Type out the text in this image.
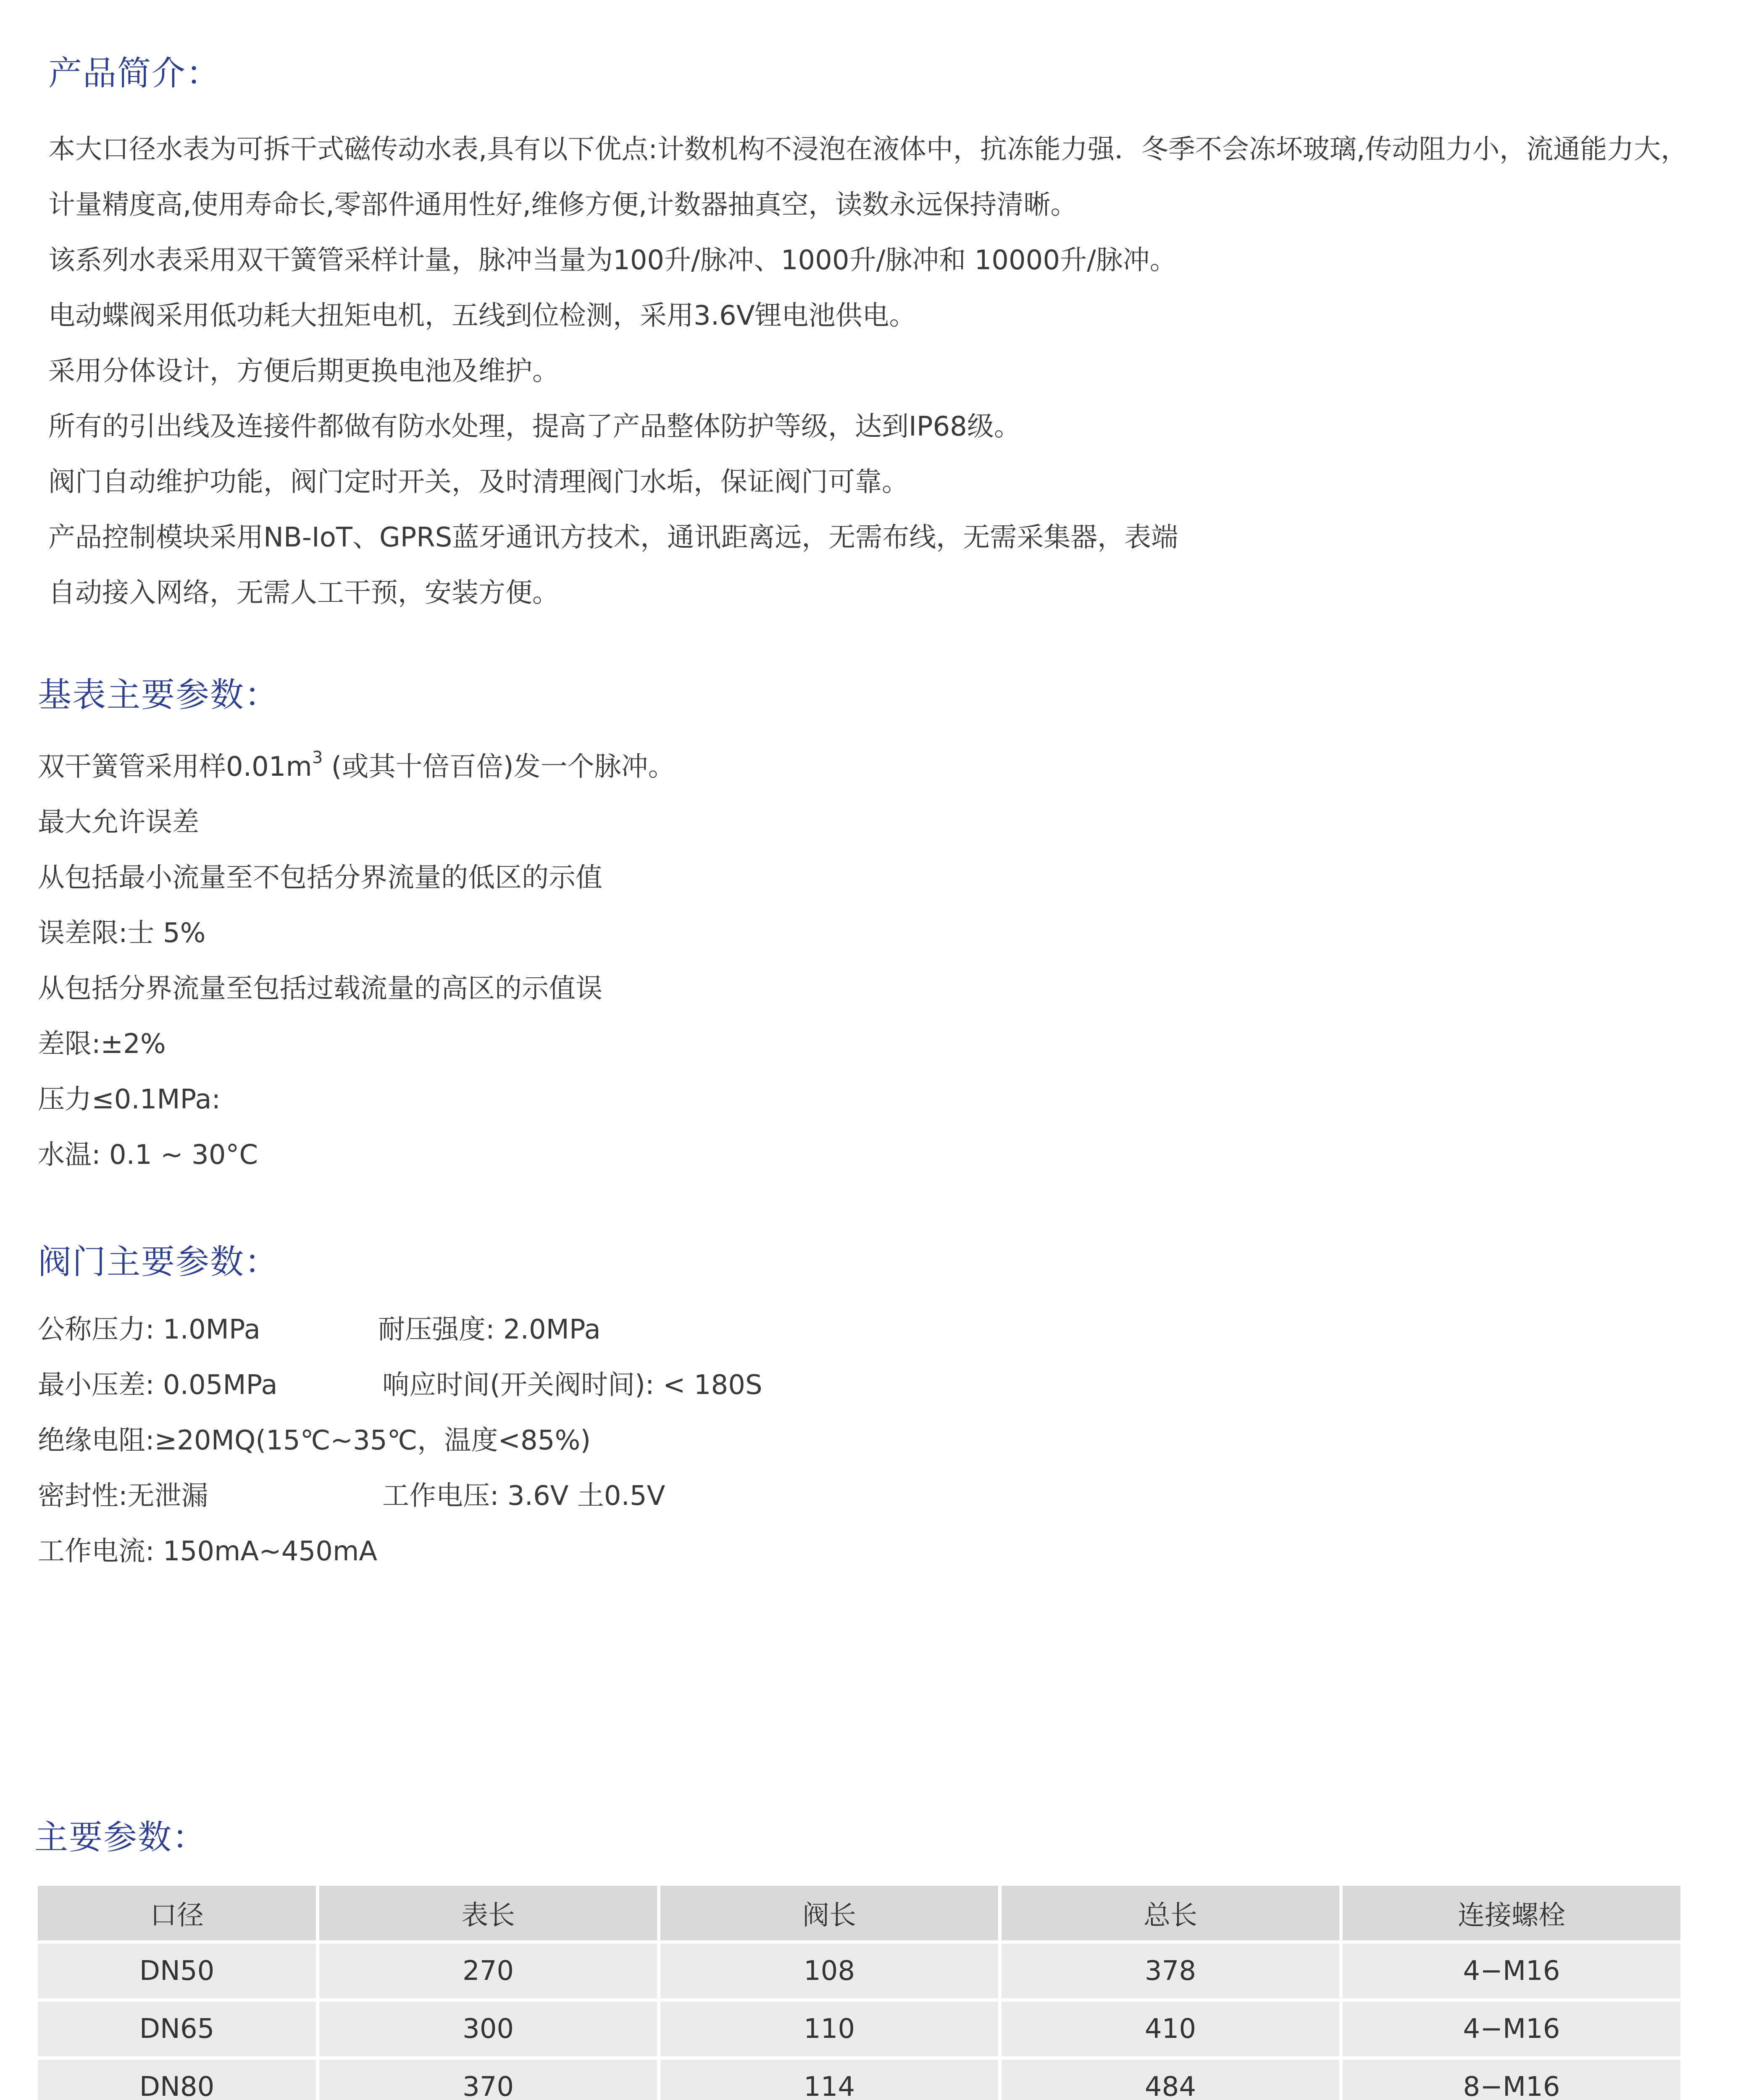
产品简介：

本大口径水表为可拆干式磁传动水表,具有以下优点:计数机构不浸泡在液体中，抗冻能力强．冬季不会冻坏玻璃,传动阻力小，流通能力大，计量精度高,使用寿命长,零部件通用性好,维修方便,计数器抽真空，读数永远保持清晰。

该系列水表采用双干簧管采样计量，脉冲当量为100升/脉冲、1000升/脉冲和 10000升/脉冲。

电动蝶阀采用低功耗大扭矩电机，五线到位检测，采用3.6V锂电池供电。

采用分体设计，方便后期更换电池及维护。

所有的引出线及连接件都做有防水处理，提高了产品整体防护等级，达到IP68级。

阀门自动维护功能，阀门定时开关，及时清理阀门水垢，保证阀门可靠。

产品控制模块采用NB-IoT、GPRS蓝牙通讯方技术，通讯距离远，无需布线，无需采集器，表端

自动接入网络，无需人工干预，安装方便。

基表主要参数：

双干簧管采用样$0.01m^3$ (或其十倍百倍)发一个脉冲。

最大允许误差

从包括最小流量至不包括分界流量的低区的示值

误差限:士 5%

从包括分界流量至包括过载流量的高区的示值误

差限:±2%

压力≤0.1MPa:

水温: 0.1 ~ 30°C

阀门主要参数：
公称压力: 1.0MPa	耐压强度: 2.0MPa
最小压差: 0.05MPa	响应时间(开关阀时间): < 180S
绝缘电阻:≥20MQ(15℃~35℃，温度<85%)
密封性:无泄漏	工作电压: 3.6V 土0.5V
工作电流: 150mA~450mA
主要参数：
口径	表长	阀长	总长	连接螺栓
DN50	270	108	378	4−M16
DN65	300	110	410	4−M16
DN80	370	114	484	8−M16
